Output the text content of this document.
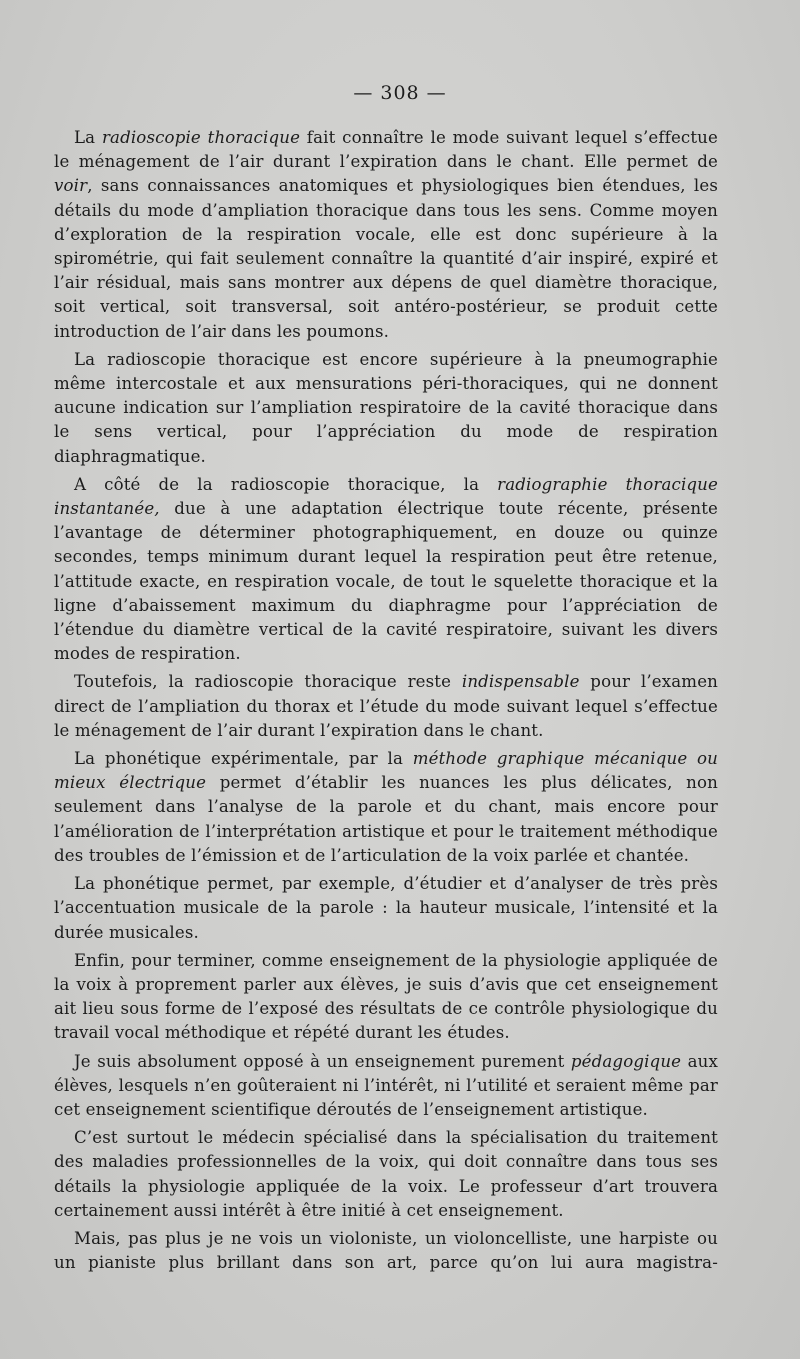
— 308 —

La radioscopie thoracique fait connaître le mode suivant lequel s’effectue le ménagement de l’air durant l’expiration dans le chant. Elle permet de voir, sans connaissances anatomiques et physiologiques bien étendues, les détails du mode d’ampliation thoracique dans tous les sens. Comme moyen d’exploration de la respiration vocale, elle est donc supérieure à la spirométrie, qui fait seulement connaître la quantité d’air inspiré, expiré et l’air résidual, mais sans montrer aux dépens de quel diamètre thoracique, soit vertical, soit transversal, soit antéro-postérieur, se produit cette introduction de l’air dans les poumons.

La radioscopie thoracique est encore supérieure à la pneumographie même intercostale et aux mensurations péri-thoraciques, qui ne donnent aucune indication sur l’ampliation respiratoire de la cavité thoracique dans le sens vertical, pour l’appréciation du mode de respiration diaphragmatique.

A côté de la radioscopie thoracique, la radiographie thoracique instantanée, due à une adaptation électrique toute récente, présente l’avantage de déterminer photographiquement, en douze ou quinze secondes, temps minimum durant lequel la respiration peut être retenue, l’attitude exacte, en respiration vocale, de tout le squelette thoracique et la ligne d’abaissement maximum du diaphragme pour l’appréciation de l’étendue du diamètre vertical de la cavité respiratoire, suivant les divers modes de respiration.

Toutefois, la radioscopie thoracique reste indispensable pour l’examen direct de l’ampliation du thorax et l’étude du mode suivant lequel s’effectue le ménagement de l’air durant l’expiration dans le chant.

La phonétique expérimentale, par la méthode graphique mécanique ou mieux électrique permet d’établir les nuances les plus délicates, non seulement dans l’analyse de la parole et du chant, mais encore pour l’amélioration de l’interprétation artistique et pour le traitement méthodique des troubles de l’émission et de l’articulation de la voix parlée et chantée.

La phonétique permet, par exemple, d’étudier et d’analyser de très près l’accentuation musicale de la parole : la hauteur musicale, l’intensité et la durée musicales.

Enfin, pour terminer, comme enseignement de la physiologie appliquée de la voix à proprement parler aux élèves, je suis d’avis que cet enseignement ait lieu sous forme de l’exposé des résultats de ce contrôle physiologique du travail vocal méthodique et répété durant les études.

Je suis absolument opposé à un enseignement purement pédagogique aux élèves, lesquels n’en goûteraient ni l’intérêt, ni l’utilité et seraient même par cet enseignement scientifique déroutés de l’enseignement artistique.

C’est surtout le médecin spécialisé dans la spécialisation du traitement des maladies professionnelles de la voix, qui doit connaître dans tous ses détails la physiologie appliquée de la voix. Le professeur d’art trouvera certainement aussi intérêt à être initié à cet enseignement.

Mais, pas plus je ne vois un violoniste, un violoncelliste, une harpiste ou un pianiste plus brillant dans son art, parce qu’on lui aura magistra-
